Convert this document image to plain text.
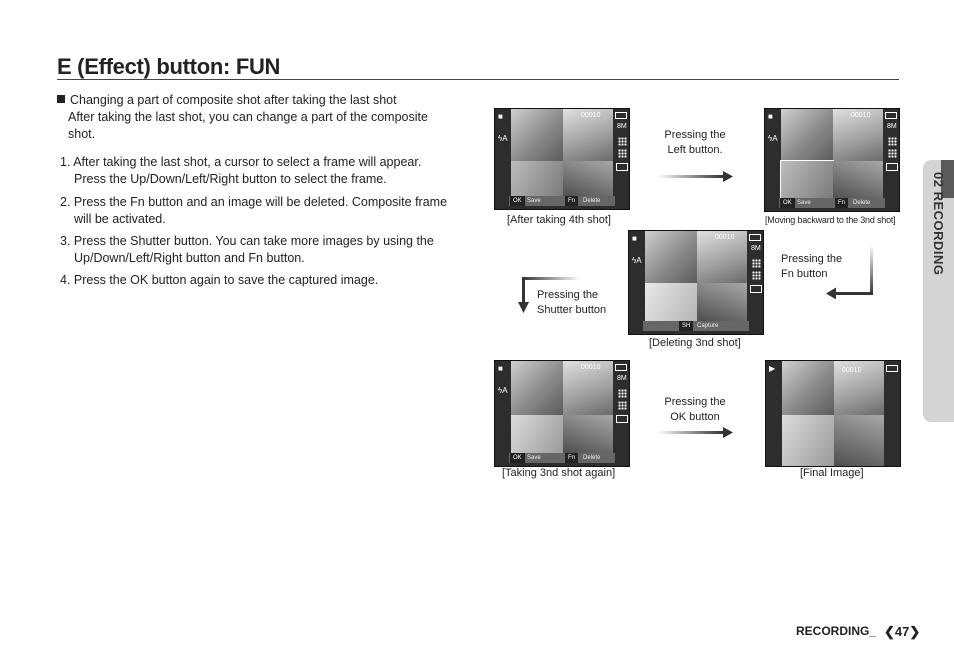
E (Effect) button: FUN
02 RECORDING
Changing a part of composite shot after taking the last shot
After taking the last shot, you can change a part of the composite
shot.
1. After taking the last shot, a cursor to select a frame will appear.
Press the Up/Down/Left/Right button to select the frame.
2. Press the Fn button and an image will be deleted. Composite frame
will be activated.
3. Press the Shutter button. You can take more images by using the
Up/Down/Left/Right button and Fn button.
4. Press the OK button again to save the captured image.
■
ϟA
00010
8M
OK Save	Fn	Delete
[After taking 4th shot]
Pressing the
Left button.
■
ϟA
00010
8M
OK Save	Fn	Delete
[Moving backward to the 3nd shot]
Pressing the
Fn button
■
ϟA
00010
8M
SH	Capture
[Deleting 3nd shot]
Pressing the
Shutter button
■
ϟA
00010
8M
OK Save	Fn	Delete
[Taking 3nd shot again]
Pressing the
OK button
▶	00010
[Final Image]
RECORDING_ ❮47❯
